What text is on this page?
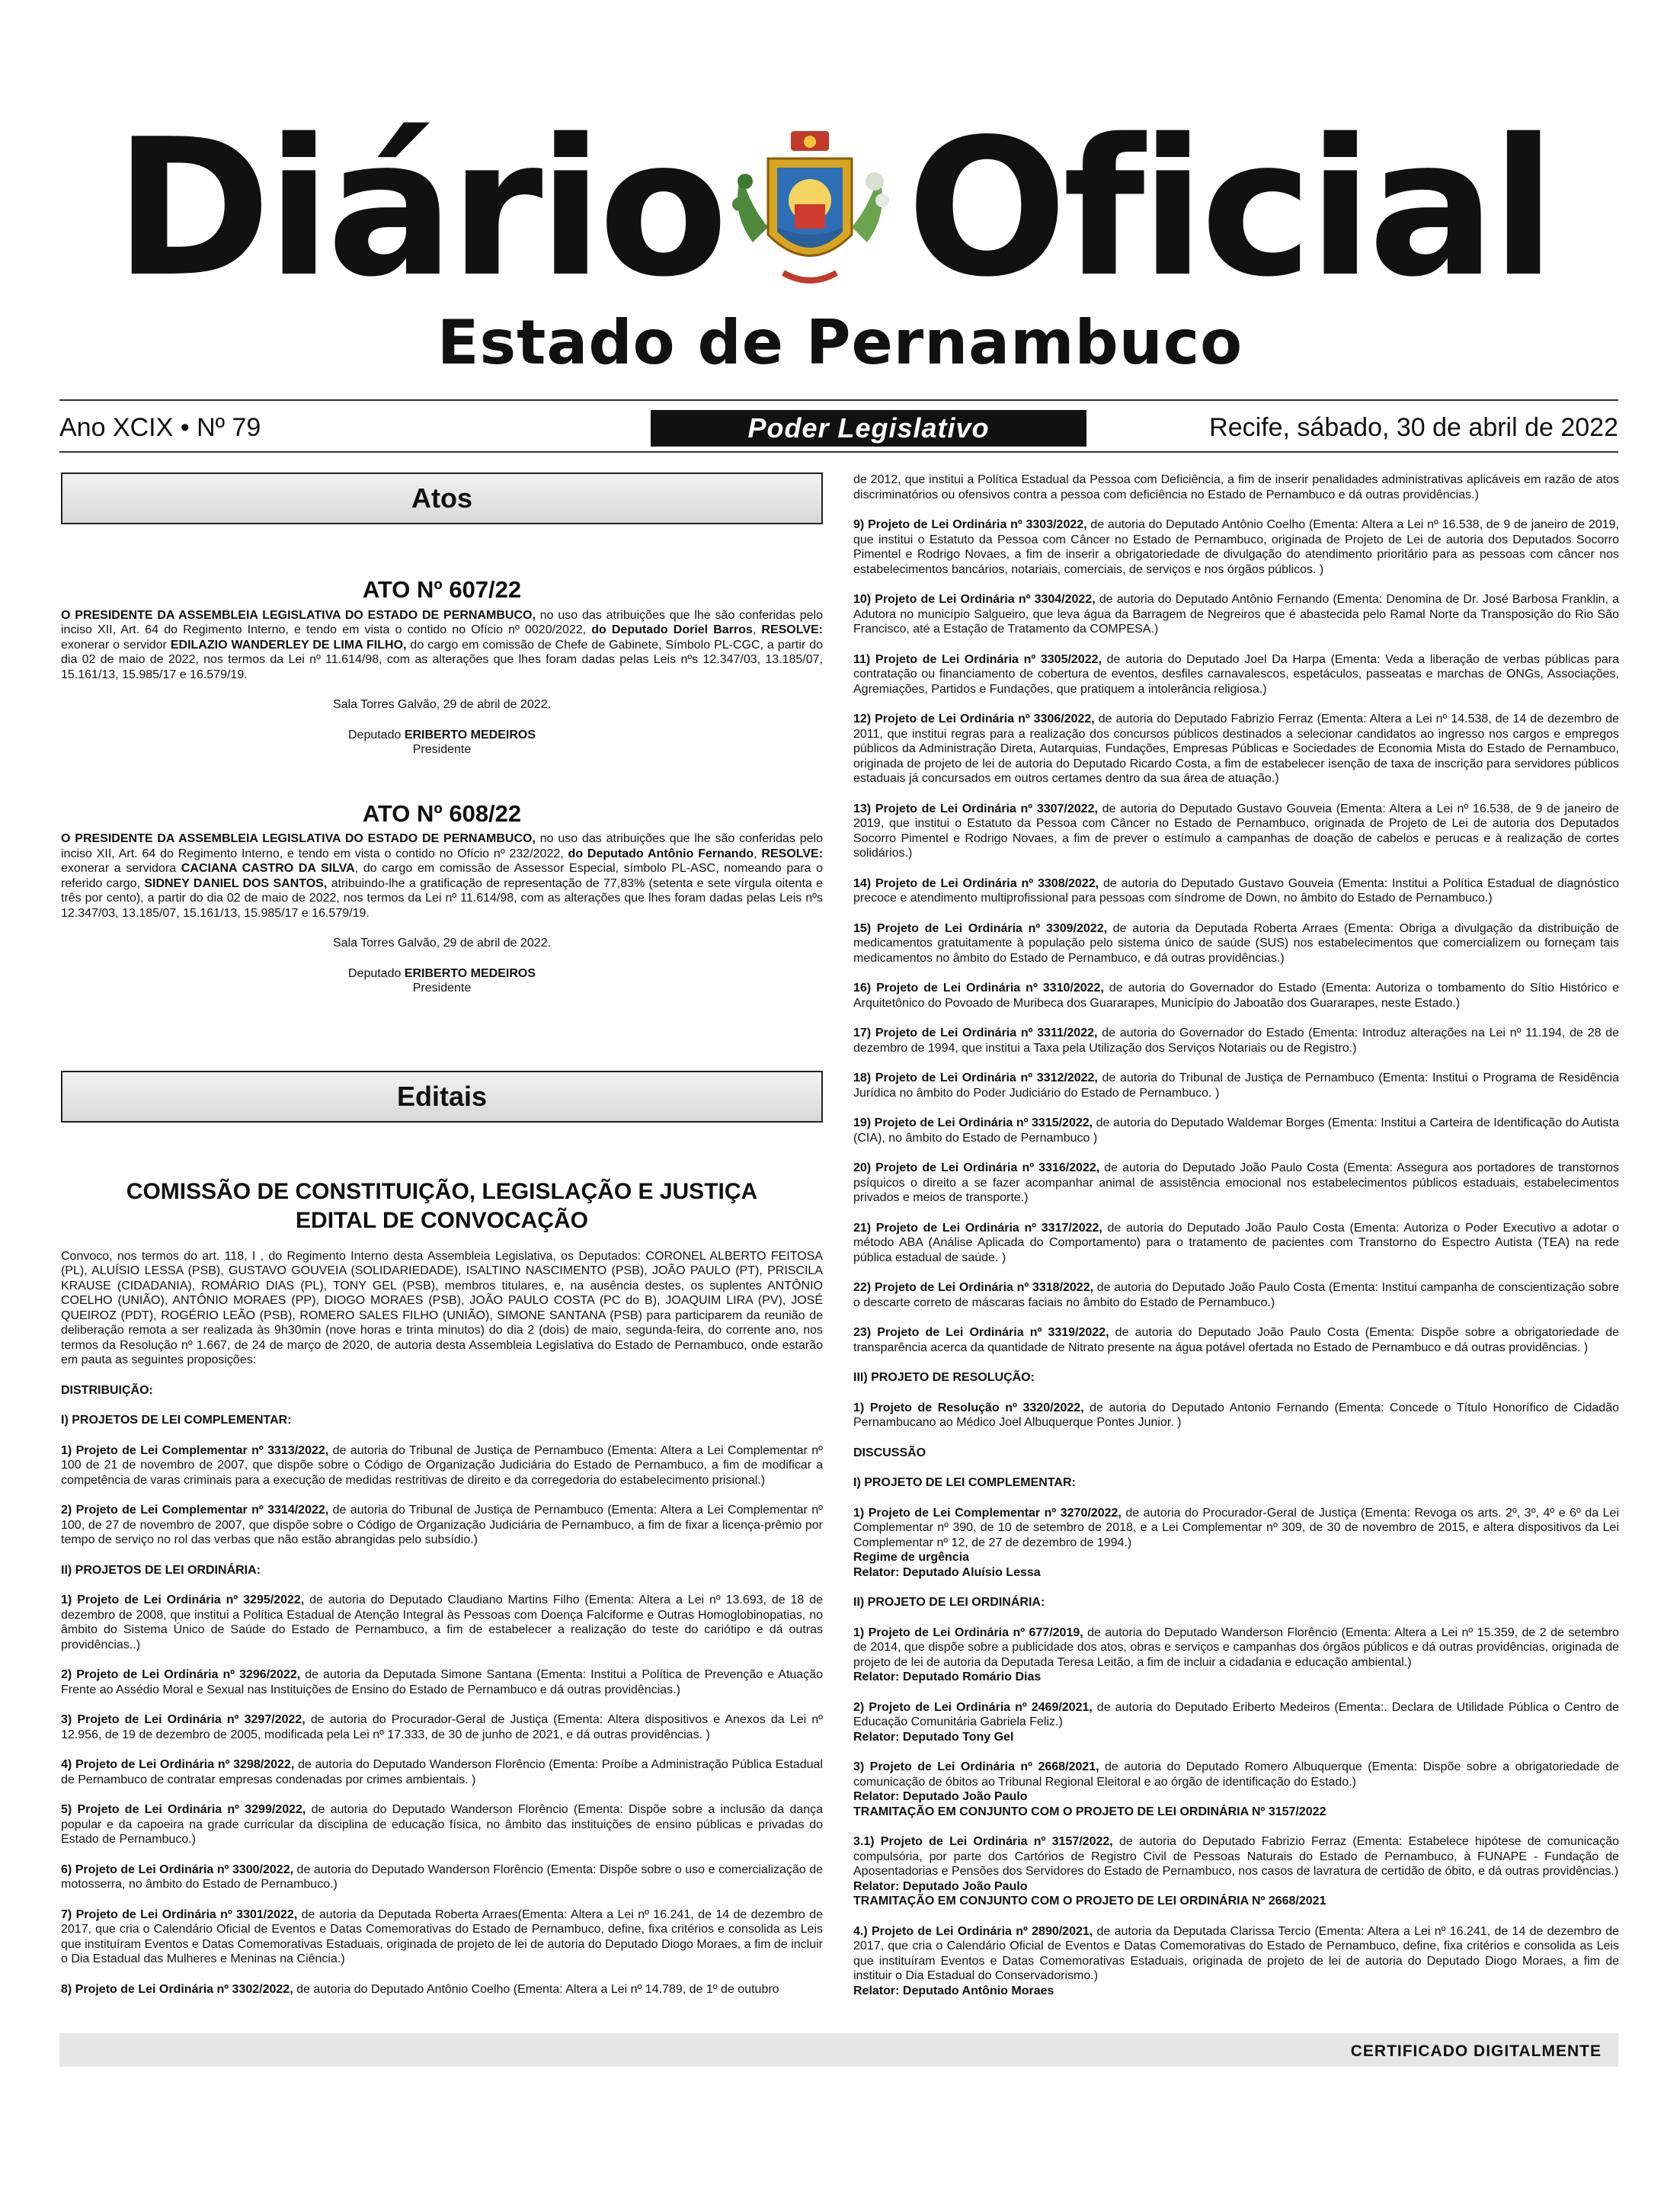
Diário Oficial
Estado de Pernambuco
Ano XCIX • Nº 79	Poder Legislativo	Recife, sábado, 30 de abril de 2022
Atos
ATO Nº 607/22

O PRESIDENTE DA ASSEMBLEIA LEGISLATIVA DO ESTADO DE PERNAMBUCO, no uso das atribuições que lhe são conferidas pelo inciso XII, Art. 64 do Regimento Interno, e tendo em vista o contido no Ofício nº 0020/2022, do Deputado Doriel Barros, RESOLVE: exonerar o servidor EDILAZIO WANDERLEY DE LIMA FILHO, do cargo em comissão de Chefe de Gabinete, Símbolo PL-CGC, a partir do dia 02 de maio de 2022, nos termos da Lei nº 11.614/98, com as alterações que lhes foram dadas pelas Leis nºs 12.347/03, 13.185/07, 15.161/13, 15.985/17 e 16.579/19.

Sala Torres Galvão, 29 de abril de 2022.

Deputado ERIBERTO MEDEIROS

Presidente

ATO Nº 608/22

O PRESIDENTE DA ASSEMBLEIA LEGISLATIVA DO ESTADO DE PERNAMBUCO, no uso das atribuições que lhe são conferidas pelo inciso XII, Art. 64 do Regimento Interno, e tendo em vista o contido no Ofício nº 232/2022, do Deputado Antônio Fernando, RESOLVE: exonerar a servidora CACIANA CASTRO DA SILVA, do cargo em comissão de Assessor Especial, símbolo PL-ASC, nomeando para o referido cargo, SIDNEY DANIEL DOS SANTOS, atribuindo-lhe a gratificação de representação de 77,83% (setenta e sete vírgula oitenta e três por cento), a partir do dia 02 de maio de 2022, nos termos da Lei nº 11.614/98, com as alterações que lhes foram dadas pelas Leis nºs 12.347/03, 13.185/07, 15.161/13, 15.985/17 e 16.579/19.

Sala Torres Galvão, 29 de abril de 2022.

Deputado ERIBERTO MEDEIROS

Presidente

Editais
COMISSÃO DE CONSTITUIÇÃO, LEGISLAÇÃO E JUSTIÇA
EDITAL DE CONVOCAÇÃO

Convoco, nos termos do art. 118, I , do Regimento Interno desta Assembleia Legislativa, os Deputados: CORONEL ALBERTO FEITOSA (PL), ALUÍSIO LESSA (PSB), GUSTAVO GOUVEIA (SOLIDARIEDADE), ISALTINO NASCIMENTO (PSB), JOÃO PAULO (PT), PRISCILA KRAUSE (CIDADANIA), ROMÁRIO DIAS (PL), TONY GEL (PSB), membros titulares, e, na ausência destes, os suplentes ANTÔNIO COELHO (UNIÃO), ANTÔNIO MORAES (PP), DIOGO MORAES (PSB), JOÃO PAULO COSTA (PC do B), JOAQUIM LIRA (PV), JOSÉ QUEIROZ (PDT), ROGÉRIO LEÃO (PSB), ROMERO SALES FILHO (UNIÃO), SIMONE SANTANA (PSB) para participarem da reunião de deliberação remota a ser realizada às 9h30min (nove horas e trinta minutos) do dia 2 (dois) de maio, segunda-feira, do corrente ano, nos termos da Resolução nº 1.667, de 24 de março de 2020, de autoria desta Assembleia Legislativa do Estado de Pernambuco, onde estarão em pauta as seguintes proposições:

DISTRIBUIÇÃO:

I) PROJETOS DE LEI COMPLEMENTAR:

1) Projeto de Lei Complementar nº 3313/2022, de autoria do Tribunal de Justiça de Pernambuco (Ementa: Altera a Lei Complementar nº 100 de 21 de novembro de 2007, que dispõe sobre o Código de Organização Judiciária do Estado de Pernambuco, a fim de modificar a competência de varas criminais para a execução de medidas restritivas de direito e da corregedoria do estabelecimento prisional.)

2) Projeto de Lei Complementar nº 3314/2022, de autoria do Tribunal de Justiça de Pernambuco (Ementa: Altera a Lei Complementar nº 100, de 27 de novembro de 2007, que dispõe sobre o Código de Organização Judiciária de Pernambuco, a fim de fixar a licença-prêmio por tempo de serviço no rol das verbas que não estão abrangidas pelo subsídio.)

II) PROJETOS DE LEI ORDINÁRIA:

1) Projeto de Lei Ordinária nº 3295/2022, de autoria do Deputado Claudiano Martins Filho (Ementa: Altera a Lei nº 13.693, de 18 de dezembro de 2008, que institui a Política Estadual de Atenção Integral às Pessoas com Doença Falciforme e Outras Homoglobinopatias, no âmbito do Sistema Único de Saúde do Estado de Pernambuco, a fim de estabelecer a realização do teste do cariótipo e dá outras providências..)

2) Projeto de Lei Ordinária nº 3296/2022, de autoria da Deputada Simone Santana (Ementa: Institui a Política de Prevenção e Atuação Frente ao Assédio Moral e Sexual nas Instituições de Ensino do Estado de Pernambuco e dá outras providências.)

3) Projeto de Lei Ordinária nº 3297/2022, de autoria do Procurador-Geral de Justiça (Ementa: Altera dispositivos e Anexos da Lei nº 12.956, de 19 de dezembro de 2005, modificada pela Lei nº 17.333, de 30 de junho de 2021, e dá outras providências. )

4) Projeto de Lei Ordinária nº 3298/2022, de autoria do Deputado Wanderson Florêncio (Ementa: Proíbe a Administração Pública Estadual de Pernambuco de contratar empresas condenadas por crimes ambientais. )

5) Projeto de Lei Ordinária nº 3299/2022, de autoria do Deputado Wanderson Florêncio (Ementa: Dispõe sobre a inclusão da dança popular e da capoeira na grade curricular da disciplina de educação física, no âmbito das instituições de ensino públicas e privadas do Estado de Pernambuco.)

6) Projeto de Lei Ordinária nº 3300/2022, de autoria do Deputado Wanderson Florêncio (Ementa: Dispõe sobre o uso e comercialização de motosserra, no âmbito do Estado de Pernambuco.)

7) Projeto de Lei Ordinária nº 3301/2022, de autoria da Deputada Roberta Arraes(Ementa: Altera a Lei nº 16.241, de 14 de dezembro de 2017, que cria o Calendário Oficial de Eventos e Datas Comemorativas do Estado de Pernambuco, define, fixa critérios e consolida as Leis que instituíram Eventos e Datas Comemorativas Estaduais, originada de projeto de lei de autoria do Deputado Diogo Moraes, a fim de incluir o Dia Estadual das Mulheres e Meninas na Ciência.)

8) Projeto de Lei Ordinária nº 3302/2022, de autoria do Deputado Antônio Coelho (Ementa: Altera a Lei nº 14.789, de 1º de outubro

de 2012, que institui a Política Estadual da Pessoa com Deficiência, a fim de inserir penalidades administrativas aplicáveis em razão de atos discriminatórios ou ofensivos contra a pessoa com deficiência no Estado de Pernambuco e dá outras providências.)

9) Projeto de Lei Ordinária nº 3303/2022, de autoria do Deputado Antônio Coelho (Ementa: Altera a Lei nº 16.538, de 9 de janeiro de 2019, que institui o Estatuto da Pessoa com Câncer no Estado de Pernambuco, originada de Projeto de Lei de autoria dos Deputados Socorro Pimentel e Rodrigo Novaes, a fim de inserir a obrigatoriedade de divulgação do atendimento prioritário para as pessoas com câncer nos estabelecimentos bancários, notariais, comerciais, de serviços e nos órgãos públicos. )

10) Projeto de Lei Ordinária nº 3304/2022, de autoria do Deputado Antônio Fernando (Ementa: Denomina de Dr. José Barbosa Franklin, a Adutora no município Salgueiro, que leva água da Barragem de Negreiros que é abastecida pelo Ramal Norte da Transposição do Rio São Francisco, até a Estação de Tratamento da COMPESA.)

11) Projeto de Lei Ordinária nº 3305/2022, de autoria do Deputado Joel Da Harpa (Ementa: Veda a liberação de verbas públicas para contratação ou financiamento de cobertura de eventos, desfiles carnavalescos, espetáculos, passeatas e marchas de ONGs, Associações, Agremiações, Partidos e Fundações, que pratiquem a intolerância religiosa.)

12) Projeto de Lei Ordinária nº 3306/2022, de autoria do Deputado Fabrizio Ferraz (Ementa: Altera a Lei nº 14.538, de 14 de dezembro de 2011, que institui regras para a realização dos concursos públicos destinados a selecionar candidatos ao ingresso nos cargos e empregos públicos da Administração Direta, Autarquias, Fundações, Empresas Públicas e Sociedades de Economia Mista do Estado de Pernambuco, originada de projeto de lei de autoria do Deputado Ricardo Costa, a fim de estabelecer isenção de taxa de inscrição para servidores públicos estaduais já concursados em outros certames dentro da sua área de atuação.)

13) Projeto de Lei Ordinária nº 3307/2022, de autoria do Deputado Gustavo Gouveia (Ementa: Altera a Lei nº 16.538, de 9 de janeiro de 2019, que institui o Estatuto da Pessoa com Câncer no Estado de Pernambuco, originada de Projeto de Lei de autoria dos Deputados Socorro Pimentel e Rodrigo Novaes, a fim de prever o estímulo a campanhas de doação de cabelos e perucas e à realização de cortes solidários.)

14) Projeto de Lei Ordinária nº 3308/2022, de autoria do Deputado Gustavo Gouveia (Ementa: Institui a Política Estadual de diagnóstico precoce e atendimento multiprofissional para pessoas com síndrome de Down, no âmbito do Estado de Pernambuco.)

15) Projeto de Lei Ordinária nº 3309/2022, de autoria da Deputada Roberta Arraes (Ementa: Obriga a divulgação da distribuição de medicamentos gratuitamente à população pelo sistema único de saúde (SUS) nos estabelecimentos que comercializem ou forneçam tais medicamentos no âmbito do Estado de Pernambuco, e dá outras providências.)

16) Projeto de Lei Ordinária nº 3310/2022, de autoria do Governador do Estado (Ementa: Autoriza o tombamento do Sítio Histórico e Arquitetônico do Povoado de Muribeca dos Guararapes, Município do Jaboatão dos Guararapes, neste Estado.)

17) Projeto de Lei Ordinária nº 3311/2022, de autoria do Governador do Estado (Ementa: Introduz alterações na Lei nº 11.194, de 28 de dezembro de 1994, que institui a Taxa pela Utilização dos Serviços Notariais ou de Registro.)

18) Projeto de Lei Ordinária nº 3312/2022, de autoria do Tribunal de Justiça de Pernambuco (Ementa: Institui o Programa de Residência Jurídica no âmbito do Poder Judiciário do Estado de Pernambuco. )

19) Projeto de Lei Ordinária nº 3315/2022, de autoria do Deputado Waldemar Borges (Ementa: Institui a Carteira de Identificação do Autista (CIA), no âmbito do Estado de Pernambuco )

20) Projeto de Lei Ordinária nº 3316/2022, de autoria do Deputado João Paulo Costa (Ementa: Assegura aos portadores de transtornos psíquicos o direito a se fazer acompanhar animal de assistência emocional nos estabelecimentos públicos estaduais, estabelecimentos privados e meios de transporte.)

21) Projeto de Lei Ordinária nº 3317/2022, de autoria do Deputado João Paulo Costa (Ementa: Autoriza o Poder Executivo a adotar o método ABA (Análise Aplicada do Comportamento) para o tratamento de pacientes com Transtorno do Espectro Autista (TEA) na rede pública estadual de saúde. )

22) Projeto de Lei Ordinária nº 3318/2022, de autoria do Deputado João Paulo Costa (Ementa: Institui campanha de conscientização sobre o descarte correto de máscaras faciais no âmbito do Estado de Pernambuco.)

23) Projeto de Lei Ordinária nº 3319/2022, de autoria do Deputado João Paulo Costa (Ementa: Dispõe sobre a obrigatoriedade de transparência acerca da quantidade de Nitrato presente na água potável ofertada no Estado de Pernambuco e dá outras providências. )

III) PROJETO DE RESOLUÇÃO:

1) Projeto de Resolução nº 3320/2022, de autoria do Deputado Antonio Fernando (Ementa: Concede o Título Honorífico de Cidadão Pernambucano ao Médico Joel Albuquerque Pontes Junior. )

DISCUSSÃO

I) PROJETO DE LEI COMPLEMENTAR:

1) Projeto de Lei Complementar nº 3270/2022, de autoria do Procurador-Geral de Justiça (Ementa: Revoga os arts. 2º, 3º, 4º e 6º da Lei Complementar nº 390, de 10 de setembro de 2018, e a Lei Complementar nº 309, de 30 de novembro de 2015, e altera dispositivos da Lei Complementar nº 12, de 27 de dezembro de 1994.)
Regime de urgência
Relator: Deputado Aluísio Lessa

II) PROJETO DE LEI ORDINÁRIA:

1) Projeto de Lei Ordinária nº 677/2019, de autoria do Deputado Wanderson Florêncio (Ementa: Altera a Lei nº 15.359, de 2 de setembro de 2014, que dispõe sobre a publicidade dos atos, obras e serviços e campanhas dos órgãos públicos e dá outras providências, originada de projeto de lei de autoria da Deputada Teresa Leitão, a fim de incluir a cidadania e educação ambiental.)
Relator: Deputado Romário Dias

2) Projeto de Lei Ordinária nº 2469/2021, de autoria do Deputado Eriberto Medeiros (Ementa:. Declara de Utilidade Pública o Centro de Educação Comunitária Gabriela Feliz.)
Relator: Deputado Tony Gel

3) Projeto de Lei Ordinária nº 2668/2021, de autoria do Deputado Romero Albuquerque (Ementa: Dispõe sobre a obrigatoriedade de comunicação de óbitos ao Tribunal Regional Eleitoral e ao órgão de identificação do Estado.)
Relator: Deputado João Paulo
TRAMITAÇÃO EM CONJUNTO COM O PROJETO DE LEI ORDINÁRIA Nº 3157/2022

3.1) Projeto de Lei Ordinária nº 3157/2022, de autoria do Deputado Fabrizio Ferraz (Ementa: Estabelece hipótese de comunicação compulsória, por parte dos Cartórios de Registro Civil de Pessoas Naturais do Estado de Pernambuco, à FUNAPE - Fundação de Aposentadorias e Pensões dos Servidores do Estado de Pernambuco, nos casos de lavratura de certidão de óbito, e dá outras providências.)
Relator: Deputado João Paulo
TRAMITAÇÃO EM CONJUNTO COM O PROJETO DE LEI ORDINÁRIA Nº 2668/2021

4.) Projeto de Lei Ordinária nº 2890/2021, de autoria da Deputada Clarissa Tercio (Ementa: Altera a Lei nº 16.241, de 14 de dezembro de 2017, que cria o Calendário Oficial de Eventos e Datas Comemorativas do Estado de Pernambuco, define, fixa critérios e consolida as Leis que instituíram Eventos e Datas Comemorativas Estaduais, originada de projeto de lei de autoria do Deputado Diogo Moraes, a fim de instituir o Dia Estadual do Conservadorismo.)
Relator: Deputado Antônio Moraes

CERTIFICADO DIGITALMENTE
